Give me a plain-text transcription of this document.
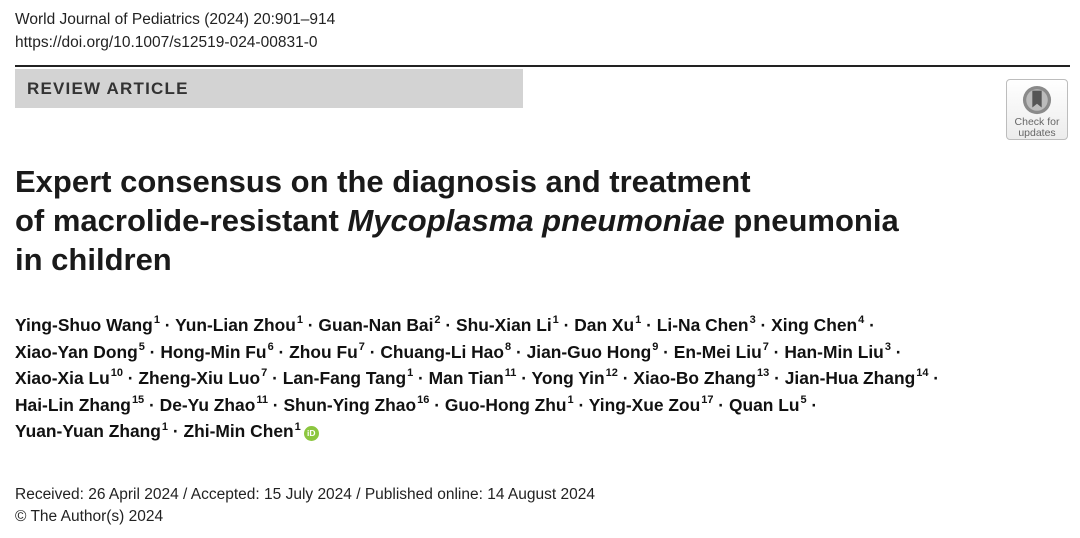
World Journal of Pediatrics (2024) 20:901–914
https://doi.org/10.1007/s12519-024-00831-0
REVIEW ARTICLE
Check for
updates
Expert consensus on the diagnosis and treatment
of macrolide-resistant Mycoplasma pneumoniae pneumonia
in children
Ying-Shuo Wang$^1$ · Yun-Lian Zhou$^1$ · Guan-Nan Bai$^2$ · Shu-Xian $Li^1$ · Dan $Xu^1 \cdot Li-Na$ Chen$^3$ · Xing Chen$^4$ ·
Xiao-Yan Dong$^5$ · Hong-Min $Fu^6$ · Zhou $Fu^7$ · Chuang-Li Hao$^8$ · Jian-Guo Hong$^9$ · En-Mei Liu$^7$ · Han-Min Liu$^3$ ·
Xiao-Xia $Lu^{10}$ · Zheng-Xiu Luo$^7$ · Lan-Fang Tang$^1$ · Man Tian$^{11}$ · Yong Yin$^{12}$ · Xiao-Bo Zhang$^{13}$ · Jian-Hua Zhang$^{14}$ ·
Hai-Lin Zhang$^{15}$ · De-Yu Zhao$^{11}$ · Shun-Ying Zhao$^{16}$ · Guo-Hong Zhu$^1$ · Ying-Xue Zou$^{17}$ · Quan $Lu^5$ ·
Yuan-Yuan Zhang$^1$ · Zhi-Min Chen$^1$iD
Received: 26 April 2024 / Accepted: 15 July 2024 / Published online: 14 August 2024
© The Author(s) 2024
